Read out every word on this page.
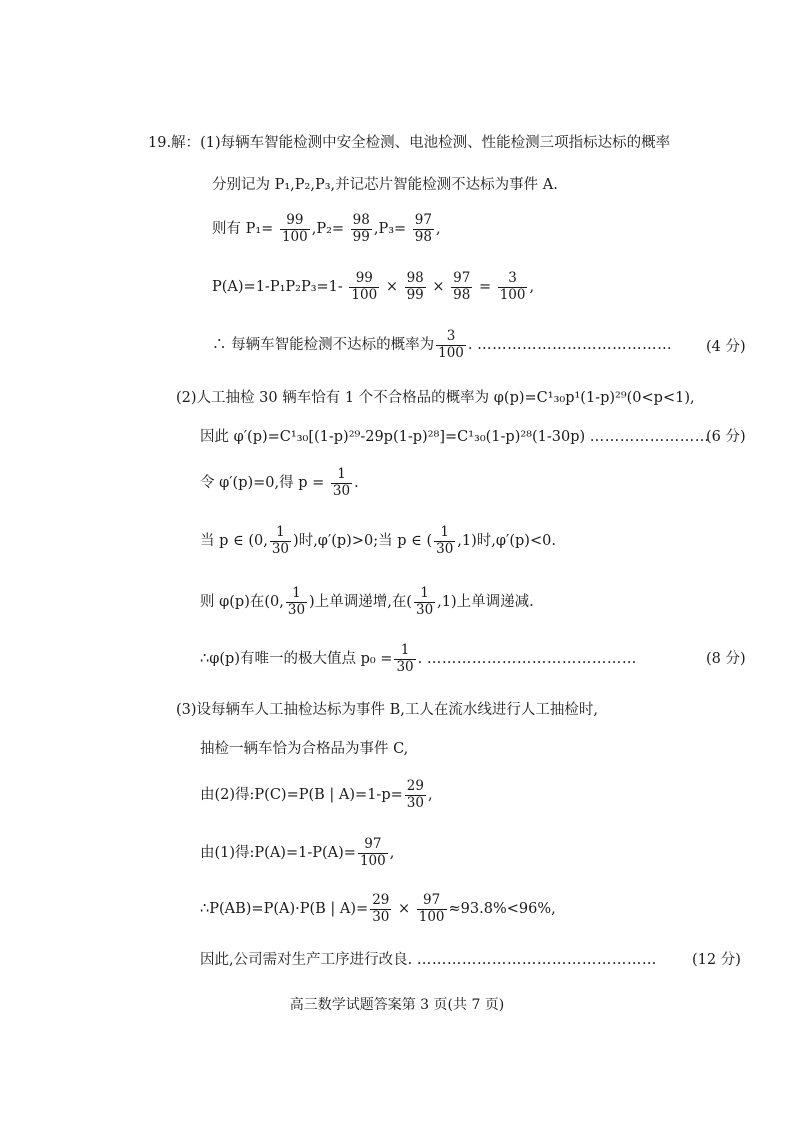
19.解：(1)每辆车智能检测中安全检测、电池检测、性能检测三项指标达标的概率
分别记为 P₁,P₂,P₃,并记芯片智能检测不达标为事件 A.
则有 $P_1= \frac{99}{100} ,P_2= \frac{98}{99} ,P_3= \frac{97}{98}$ ,
$P(A)=1-P_1P_2P_3=1- \frac{99}{100} \times \frac{98}{99} \times \frac{97}{98} = \frac{3}{100}$ ,
∴ 每辆车智能检测不达标的概率为 $\frac{3}{100}$ . ………………………………… (4 分)
(2)人工抽检 30 辆车恰有 1 个不合格品的概率为 φ(p)=C¹₃₀p¹(1-p)²⁹(0<p<1),
因此 φ′(p)=C¹₃₀[(1-p)²⁹-29p(1-p)²⁸]=C¹₃₀(1-p)²⁸(1-30p) ……………………
(6 分)
令 φ′(p)=0,得 $p = \frac{1}{30}$ .
当 p ∈ (0, $\frac{1}{30}$ )时,φ′(p)>0;当 p ∈ ( $\frac{1}{30} ,1$)时,φ′(p)<0.
则 φ(p)在(0, $\frac{1}{30}$ )上单调递增,在( $\frac{1}{30} ,1$)上单调递减.
∴φ(p)有唯一的极大值点 $p_0 = \frac{1}{30}$ . ……………………………………	(8 分)
(3)设每辆车人工抽检达标为事件 B,工人在流水线进行人工抽检时,
抽检一辆车恰为合格品为事件 C,
由(2)得:P(C)=P(B | $A)=1-p= \frac{29}{30}$ ,
由(1)得:P(A)=1-P(A)= $\frac{97}{100}$ ,
∴P(AB)=P(A)·P(B | $A)= \frac{29}{30} \times \frac{97}{100} \approx 93.8\%<96\%$,
因此,公司需对生产工序进行改良. ………………………………………… (12 分)
高三数学试题答案第 3 页(共 7 页)
